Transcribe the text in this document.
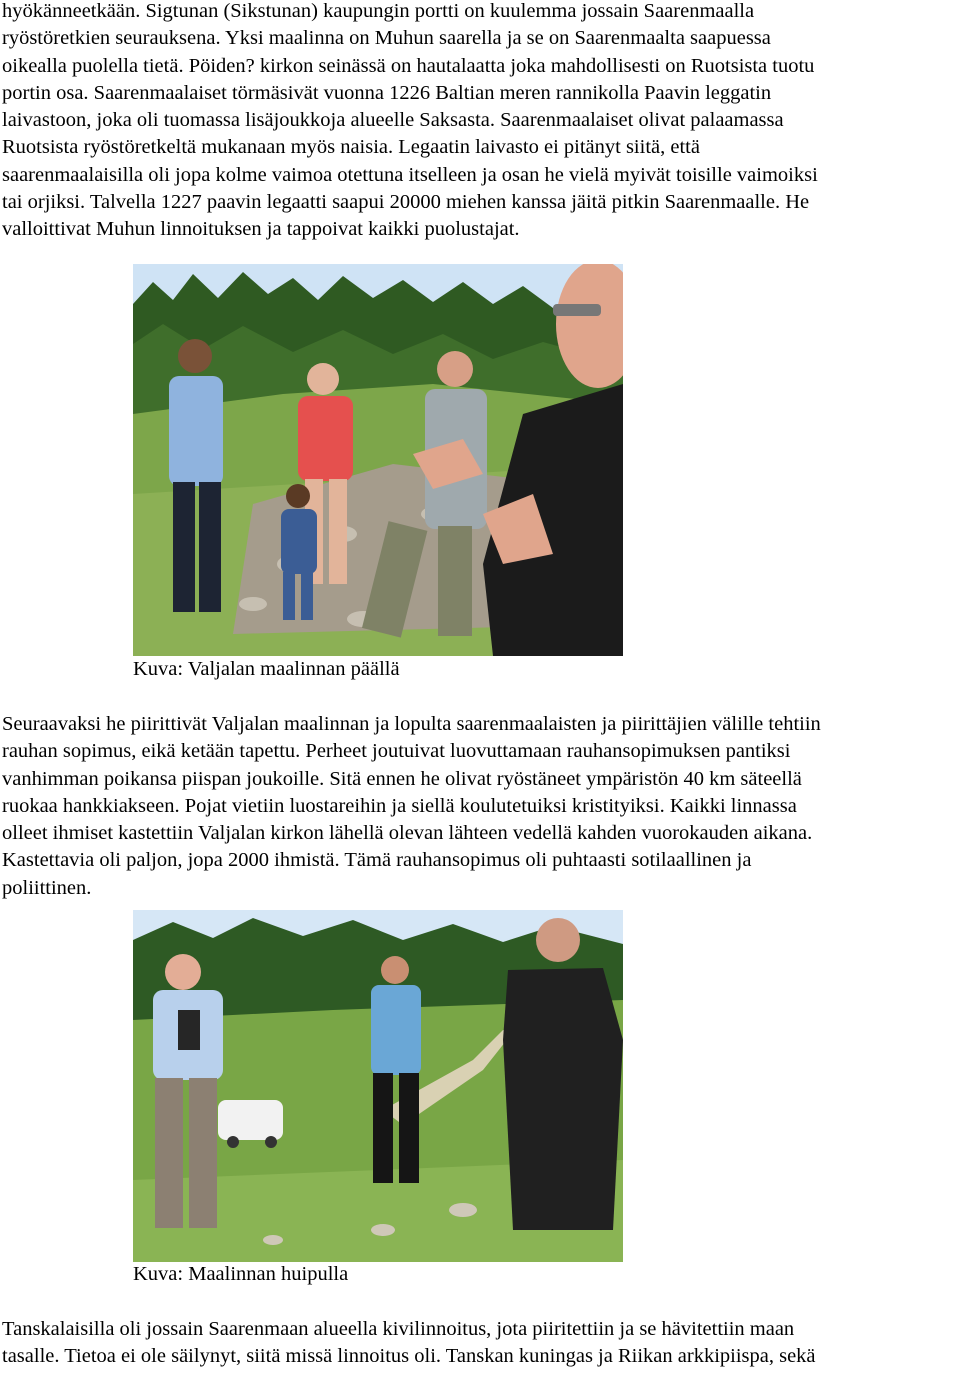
hyökänneetkään. Sigtunan (Sikstunan) kaupungin portti on kuulemma jossain Saarenmaalla
ryöstöretkien seurauksena. Yksi maalinna on Muhun saarella ja se on Saarenmaalta saapuessa
oikealla puolella tietä. Pöiden? kirkon seinässä on hautalaatta joka mahdollisesti on Ruotsista tuotu
portin osa. Saarenmaalaiset törmäsivät vuonna 1226 Baltian meren rannikolla Paavin leggatin
laivastoon, joka oli tuomassa lisäjoukkoja alueelle Saksasta. Saarenmaalaiset olivat palaamassa
Ruotsista ryöstöretkeltä mukanaan myös naisia. Legaatin laivasto ei pitänyt siitä, että
saarenmaalaisilla oli jopa kolme vaimoa otettuna itselleen ja osan he vielä myivät toisille vaimoiksi
tai orjiksi. Talvella 1227 paavin legaatti saapui 20000 miehen kanssa jäitä pitkin Saarenmaalle. He
valloittivat Muhun linnoituksen ja tappoivat kaikki puolustajat.
Kuva: Valjalan maalinnan päällä
Seuraavaksi he piirittivät Valjalan maalinnan ja lopulta saarenmaalaisten ja piirittäjien välille tehtiin
rauhan sopimus, eikä ketään tapettu. Perheet joutuivat luovuttamaan rauhansopimuksen pantiksi
vanhimman poikansa piispan joukoille. Sitä ennen he olivat ryöstäneet ympäristön 40 km säteellä
ruokaa hankkiakseen. Pojat vietiin luostareihin ja siellä koulutetuiksi kristityiksi. Kaikki linnassa
olleet ihmiset kastettiin Valjalan kirkon lähellä olevan lähteen vedellä kahden vuorokauden aikana.
Kastettavia oli paljon, jopa 2000 ihmistä. Tämä rauhansopimus oli puhtaasti sotilaallinen ja
poliittinen.
Kuva: Maalinnan huipulla
Tanskalaisilla oli jossain Saarenmaan alueella kivilinnoitus, jota piiritettiin ja se hävitettiin maan
tasalle. Tietoa ei ole säilynyt, siitä missä linnoitus oli. Tanskan kuningas ja Riikan arkkipiispa, sekä
